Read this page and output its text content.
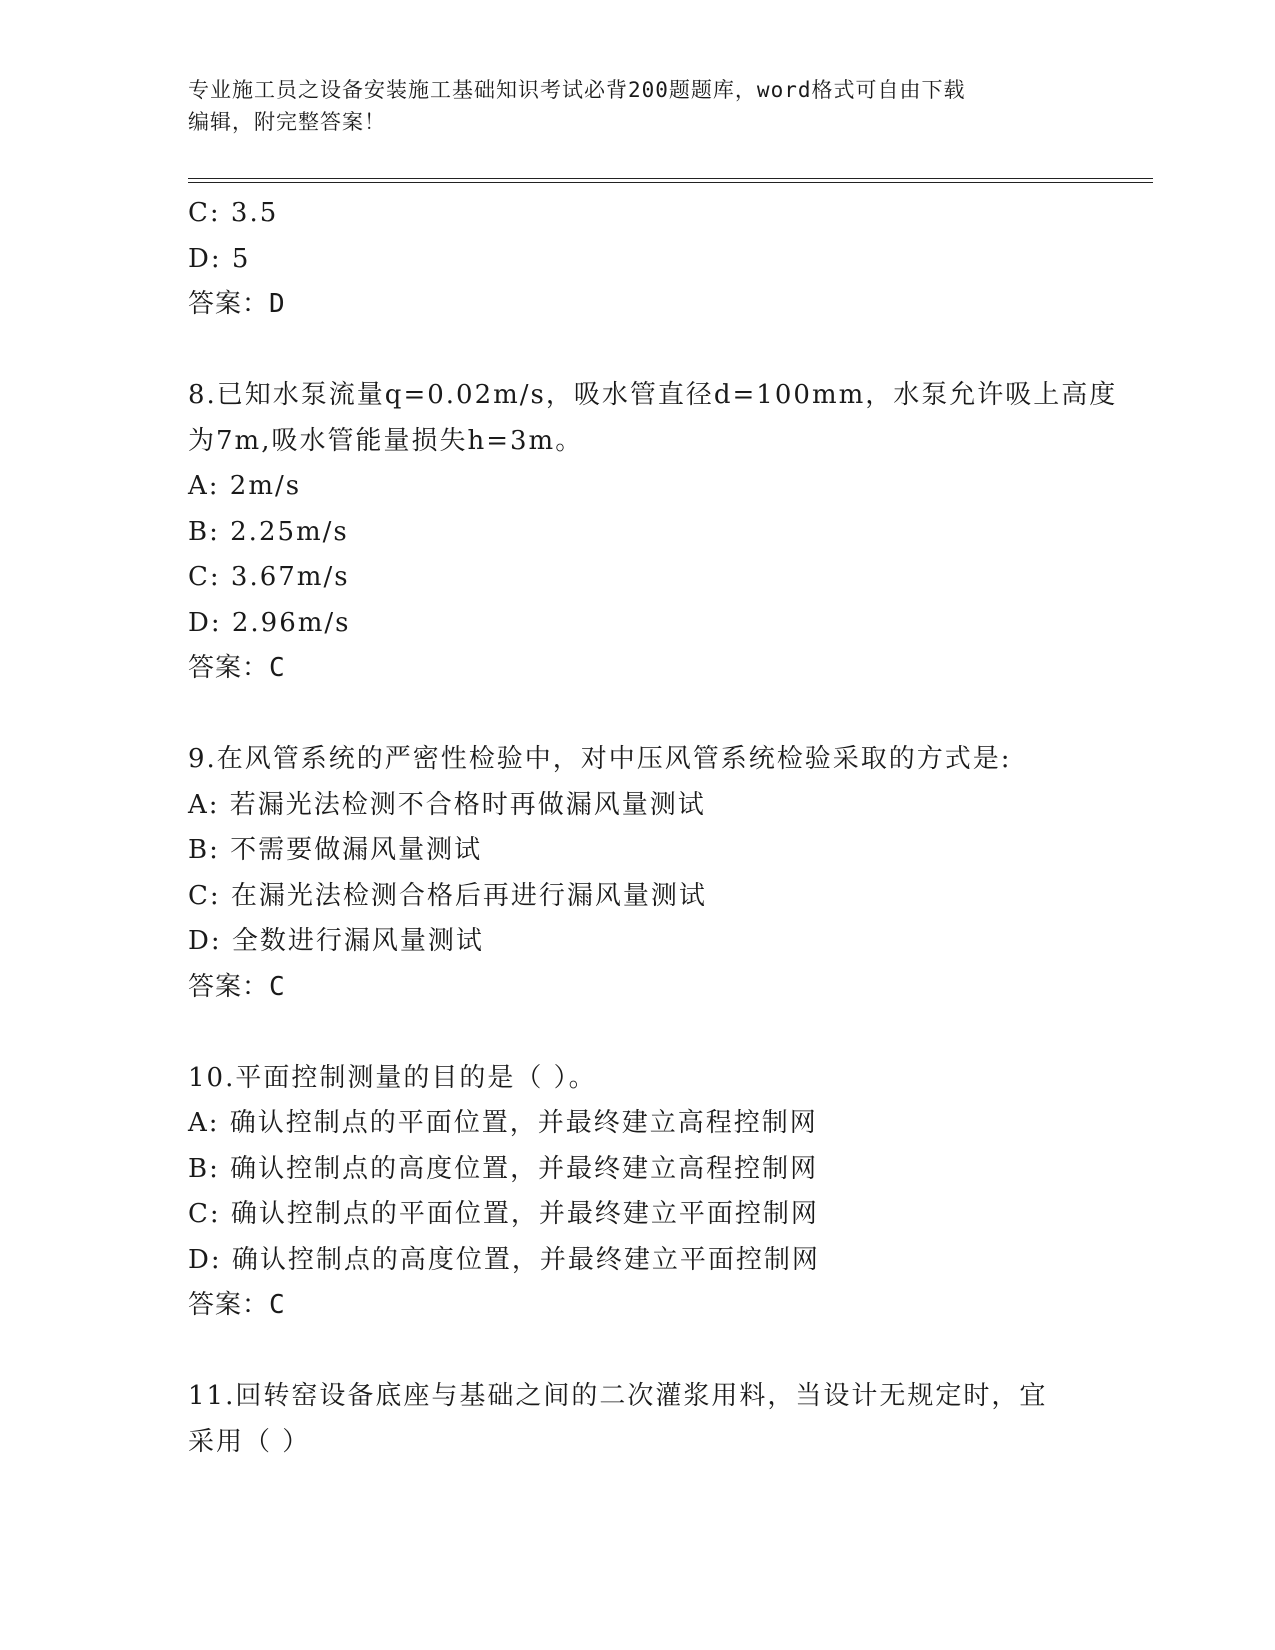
专业施工员之设备安装施工基础知识考试必背200题题库，word格式可自由下载
编辑，附完整答案！
C: 3.5
D: 5
答案：D
8.已知水泵流量q=0.02m/s，吸水管直径d=100mm，水泵允许吸上高度
为7m,吸水管能量损失h=3m。
A: 2m/s
B: 2.25m/s
C: 3.67m/s
D: 2.96m/s
答案：C
9.在风管系统的严密性检验中，对中压风管系统检验采取的方式是:
A: 若漏光法检测不合格时再做漏风量测试
B: 不需要做漏风量测试
C: 在漏光法检测合格后再进行漏风量测试
D: 全数进行漏风量测试
答案：C
10.平面控制测量的目的是（ ）。
A: 确认控制点的平面位置，并最终建立高程控制网
B: 确认控制点的高度位置，并最终建立高程控制网
C: 确认控制点的平面位置，并最终建立平面控制网
D: 确认控制点的高度位置，并最终建立平面控制网
答案：C
11.回转窑设备底座与基础之间的二次灌浆用料，当设计无规定时，宜
采用（ ）
